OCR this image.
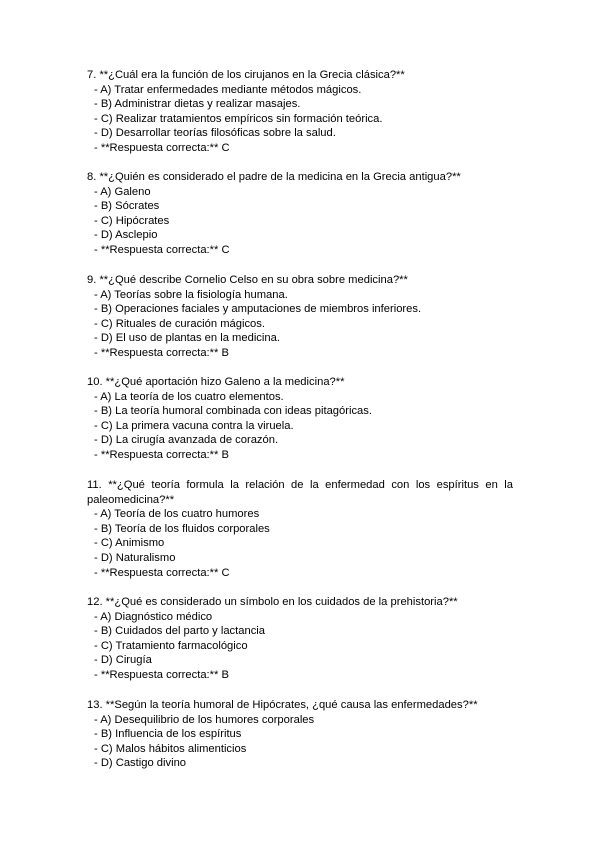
7. **¿Cuál era la función de los cirujanos en la Grecia clásica?**
- A) Tratar enfermedades mediante métodos mágicos.
- B) Administrar dietas y realizar masajes.
- C) Realizar tratamientos empíricos sin formación teórica.
- D) Desarrollar teorías filosóficas sobre la salud.
- **Respuesta correcta:** C
8. **¿Quién es considerado el padre de la medicina en la Grecia antigua?**
- A) Galeno
- B) Sócrates
- C) Hipócrates
- D) Asclepio
- **Respuesta correcta:** C
9. **¿Qué describe Cornelio Celso en su obra sobre medicina?**
- A) Teorías sobre la fisiología humana.
- B) Operaciones faciales y amputaciones de miembros inferiores.
- C) Rituales de curación mágicos.
- D) El uso de plantas en la medicina.
- **Respuesta correcta:** B
10. **¿Qué aportación hizo Galeno a la medicina?**
- A) La teoría de los cuatro elementos.
- B) La teoría humoral combinada con ideas pitagóricas.
- C) La primera vacuna contra la viruela.
- D) La cirugía avanzada de corazón.
- **Respuesta correcta:** B
11. **¿Qué teoría formula la relación de la enfermedad con los espíritus en la
paleomedicina?**
- A) Teoría de los cuatro humores
- B) Teoría de los fluidos corporales
- C) Animismo
- D) Naturalismo
- **Respuesta correcta:** C
12. **¿Qué es considerado un símbolo en los cuidados de la prehistoria?**
- A) Diagnóstico médico
- B) Cuidados del parto y lactancia
- C) Tratamiento farmacológico
- D) Cirugía
- **Respuesta correcta:** B
13. **Según la teoría humoral de Hipócrates, ¿qué causa las enfermedades?**
- A) Desequilibrio de los humores corporales
- B) Influencia de los espíritus
- C) Malos hábitos alimenticios
- D) Castigo divino
